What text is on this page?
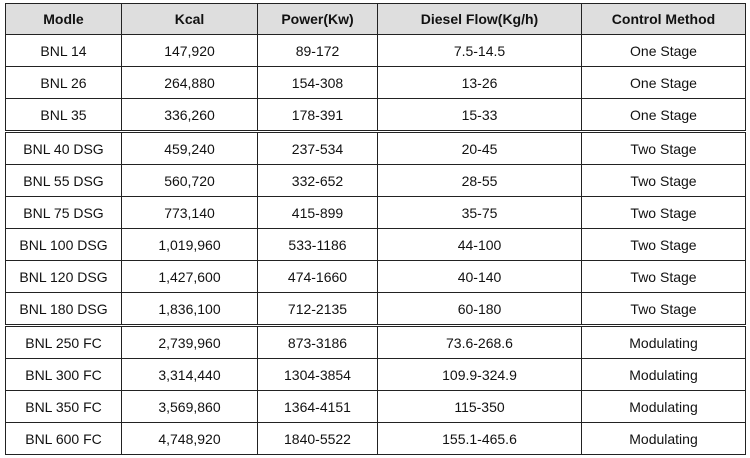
Modle	Kcal	Power(Kw)	Diesel Flow(Kg/h)	Control Method
BNL 14	147,920	89-172	7.5-14.5	One Stage
BNL 26	264,880	154-308	13-26	One Stage
BNL 35	336,260	178-391	15-33	One Stage
BNL 40 DSG	459,240	237-534	20-45	Two Stage
BNL 55 DSG	560,720	332-652	28-55	Two Stage
BNL 75 DSG	773,140	415-899	35-75	Two Stage
BNL 100 DSG	1,019,960	533-1186	44-100	Two Stage
BNL 120 DSG	1,427,600	474-1660	40-140	Two Stage
BNL 180 DSG	1,836,100	712-2135	60-180	Two Stage
BNL 250 FC	2,739,960	873-3186	73.6-268.6	Modulating
BNL 300 FC	3,314,440	1304-3854	109.9-324.9	Modulating
BNL 350 FC	3,569,860	1364-4151	115-350	Modulating
BNL 600 FC	4,748,920	1840-5522	155.1-465.6	Modulating
